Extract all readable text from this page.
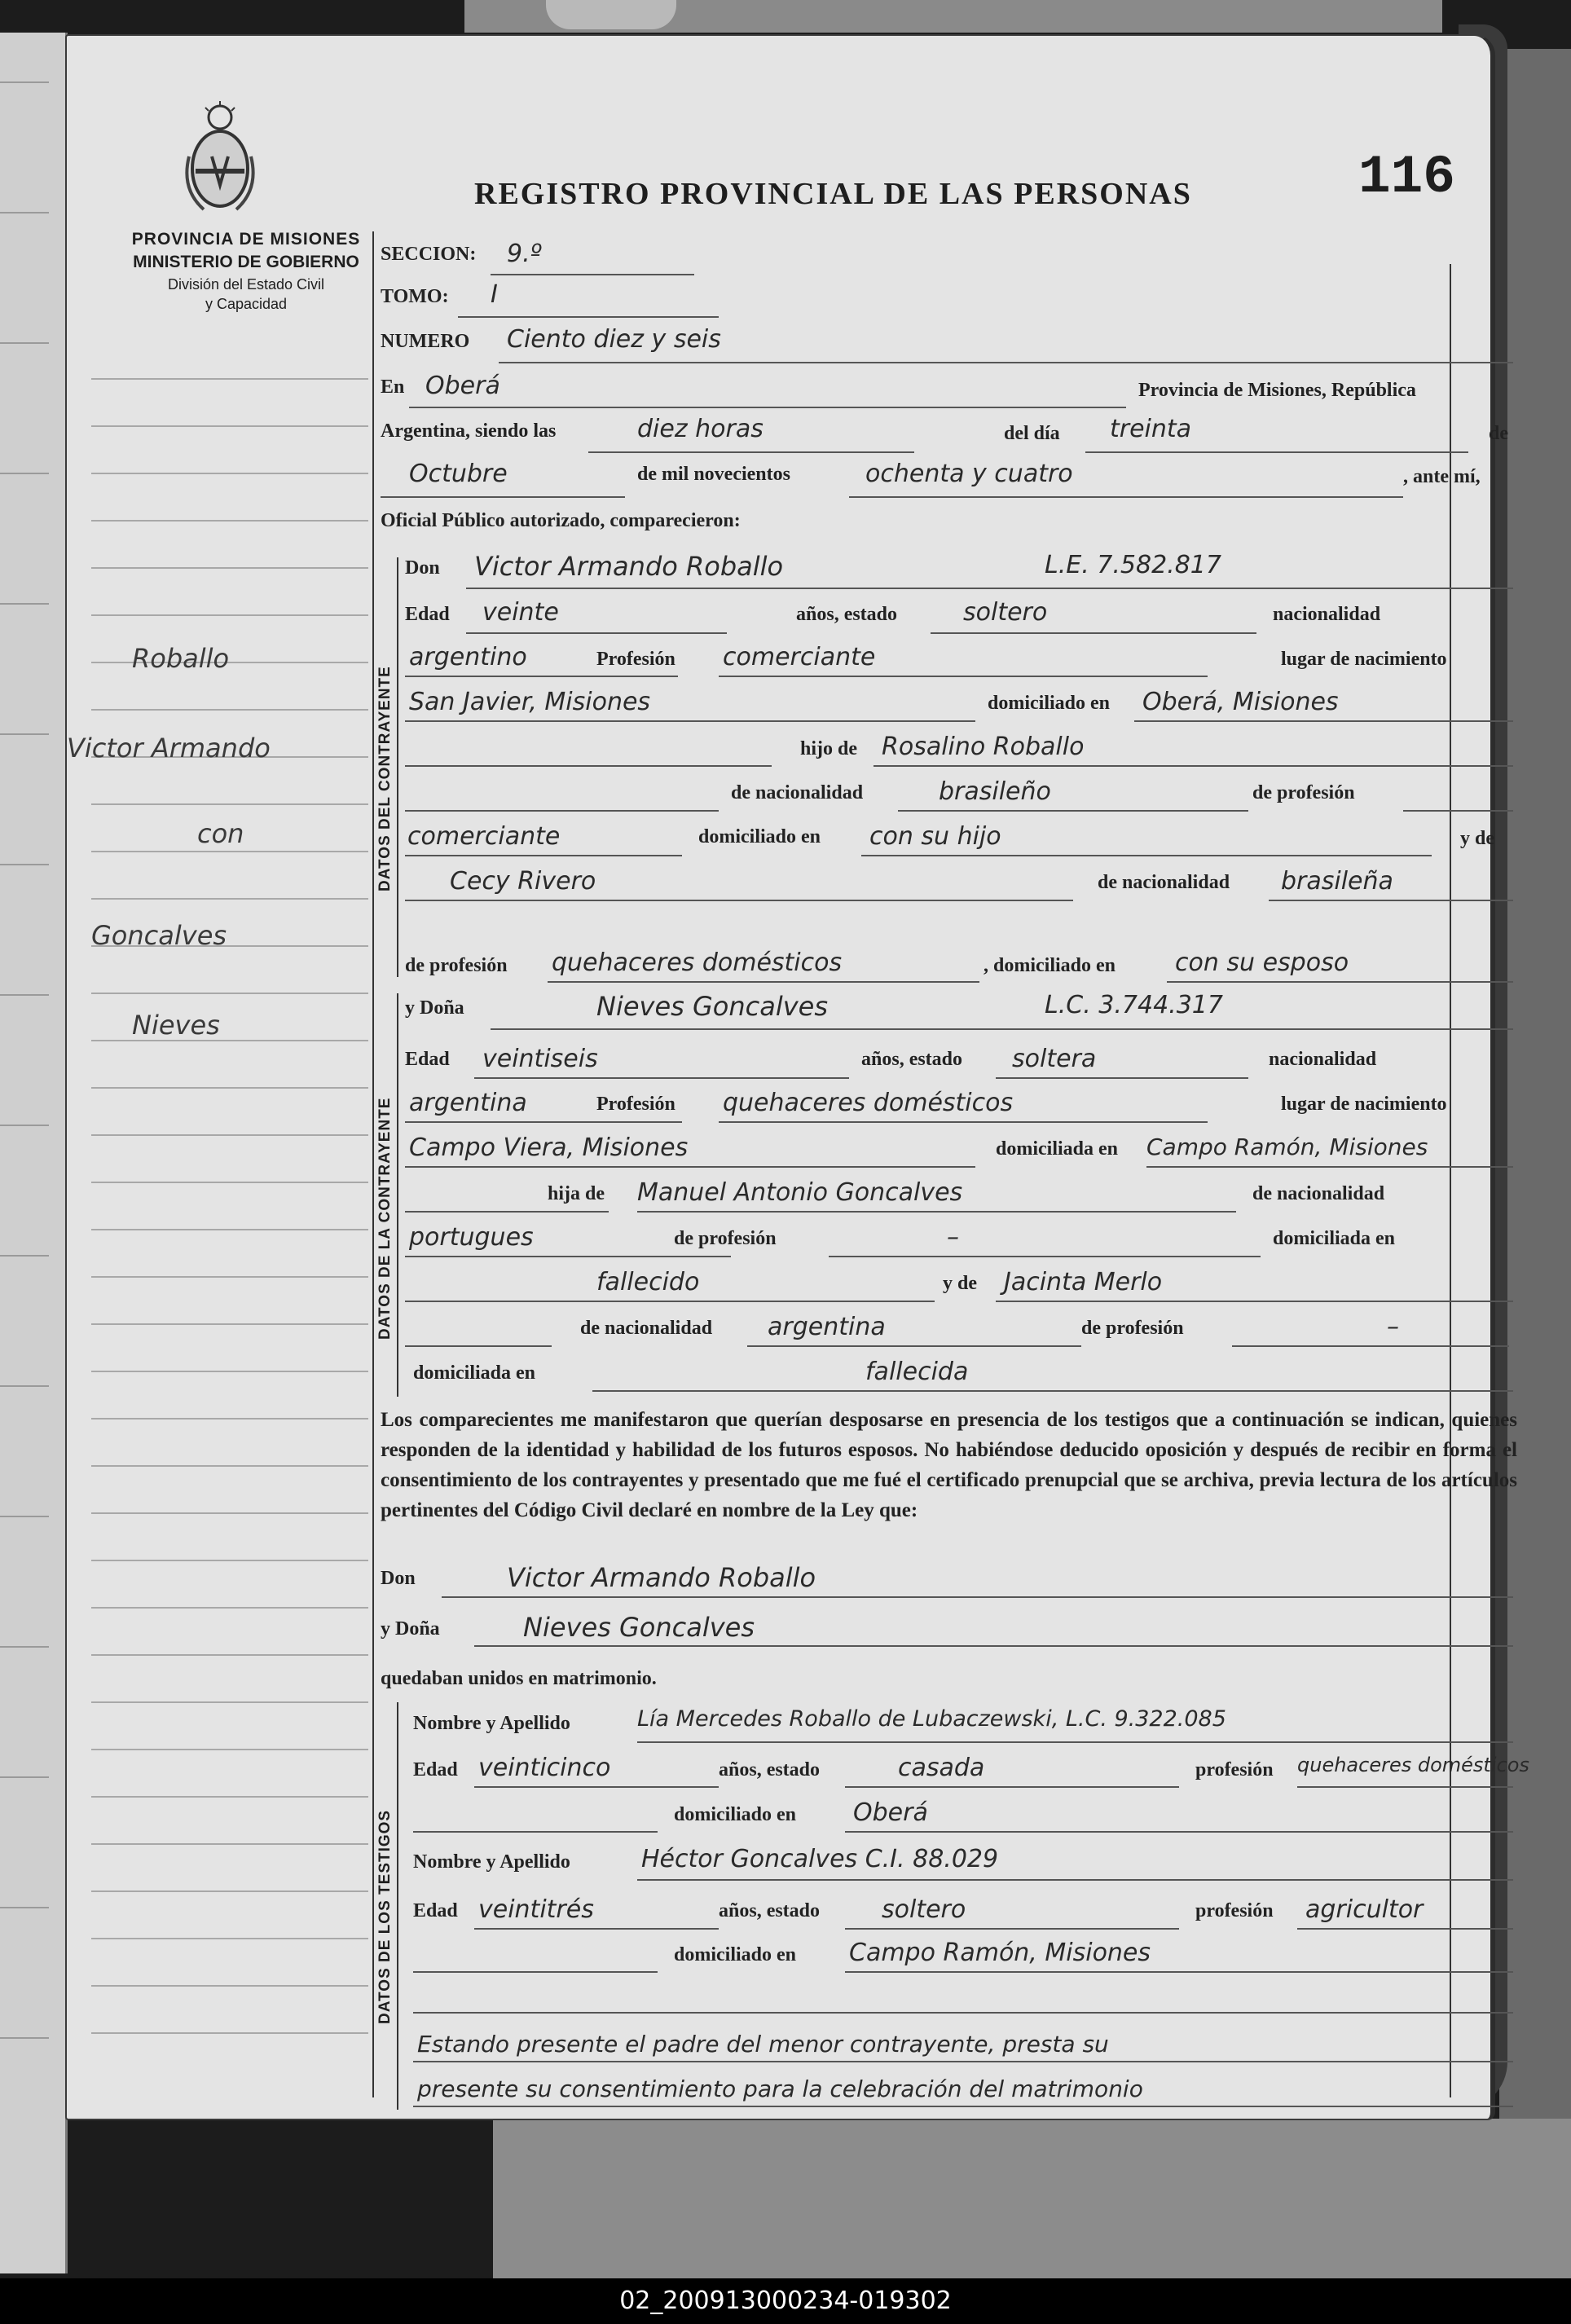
PROVINCIA DE MISIONES
MINISTERIO DE GOBIERNO
División del Estado Civil
y Capacidad
REGISTRO PROVINCIAL DE LAS PERSONAS	116
Roballo
Victor Armando
con
Goncalves
Nieves
SECCION: 9.º
TOMO: I
NUMERO Ciento diez y seis
En Oberá	Provincia de Misiones, República
Argentina, siendo las	diez horas	del día treinta	de
Octubre	de mil novecientos	ochenta y cuatro	, ante mí,
Oficial Público autorizado, comparecieron:
DATOS DEL CONTRAYENTE
Don Victor Armando Roballo	L.E. 7.582.817
Edad veinte	años, estado	soltero	nacionalidad
argentino	Profesión comerciante	lugar de nacimiento
San Javier, Misiones	domiciliado en Oberá, Misiones
hijo de Rosalino Roballo
de nacionalidad	brasileño	de profesión
comerciante	domiciliado en con su hijo	y de
Cecy Rivero	de nacionalidad brasileña
de profesión quehaceres domésticos	, domiciliado en con su esposo
DATOS DE LA CONTRAYENTE
y Doña	Nieves Goncalves	L.C. 3.744.317
Edad veintiseis	años, estado soltera	nacionalidad
argentina	Profesión quehaceres domésticos	lugar de nacimiento
Campo Viera, Misiones	domiciliada en Campo Ramón, Misiones
hija de Manuel Antonio Goncalves	de nacionalidad
portugues	de profesión	–	domiciliada en
fallecido	y de Jacinta Merlo
de nacionalidad argentina	de profesión	–
domiciliada en	fallecida
Los comparecientes me manifestaron que querían desposarse en presencia de los testigos que a continuación se indican, quienes responden de la identidad y habilidad de los futuros esposos. No habiéndose deducido oposición y después de recibir en forma el consentimiento de los contrayentes y presentado que me fué el certificado prenupcial que se archiva, previa lectura de los artículos pertinentes del Código Civil declaré en nombre de la Ley que:
Don	Victor Armando Roballo
y Doña	Nieves Goncalves
quedaban unidos en matrimonio.
DATOS DE LOS TESTIGOS
Nombre y Apellido	Lía Mercedes Roballo de Lubaczewski, L.C. 9.322.085
Edad veinticinco	años, estado	casada	profesión quehaceres domésticos
domiciliado en Oberá
Nombre y Apellido	Héctor Goncalves C.I. 88.029
Edad veintitrés	años, estado	soltero	profesión agricultor
domiciliado en Campo Ramón, Misiones
Estando presente el padre del menor contrayente, presta su
presente su consentimiento para la celebración del matrimonio
02_200913000234-019302
